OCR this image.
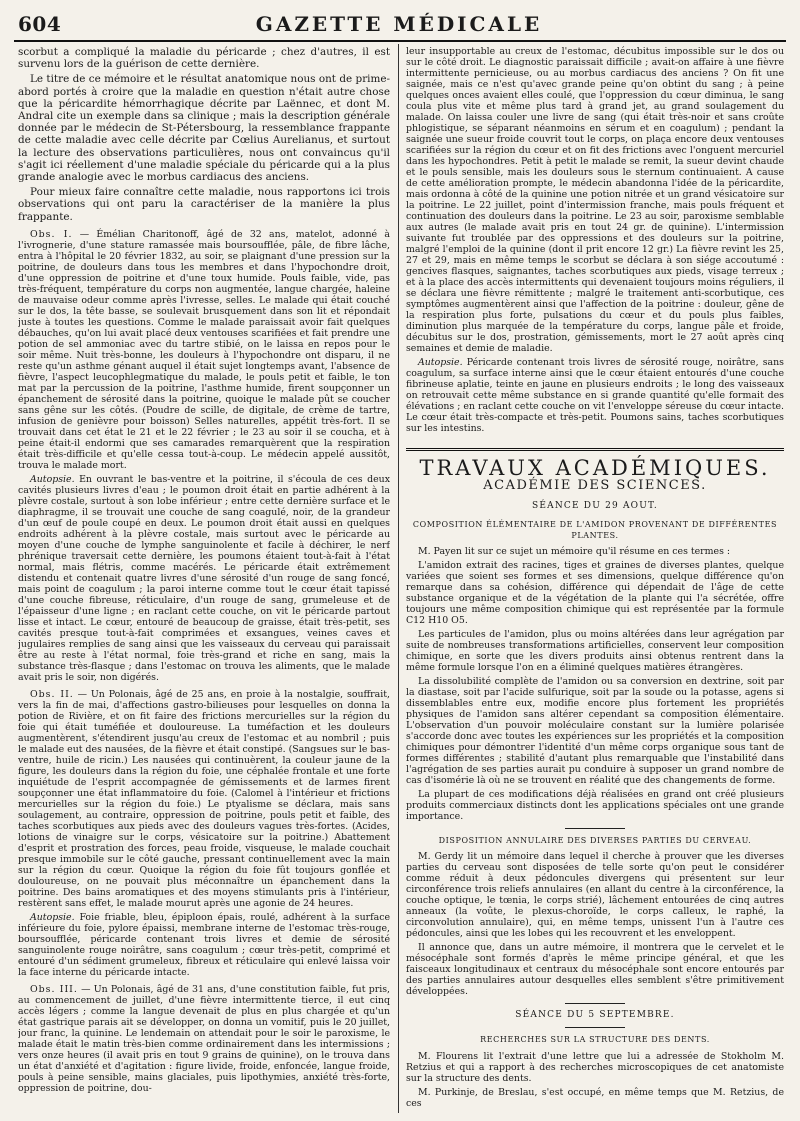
604	GAZETTE MÉDICALE

scorbut a compliqué la maladie du péricarde ; chez d'autres, il est survenu lors de la guérison de cette dernière.

Le titre de ce mémoire et le résultat anatomique nous ont de prime-abord portés à croire que la maladie en question n'était autre chose que la péricardite hémorrhagique décrite par Laënnec, et dont M. Andral cite un exemple dans sa clinique ; mais la description générale donnée par le médecin de St-Pétersbourg, la ressemblance frappante de cette maladie avec celle décrite par Cœlius Aurelianus, et surtout la lecture des observations particulières, nous ont convaincus qu'il s'agit ici réellement d'une maladie spéciale du péricarde qui a la plus grande analogie avec le morbus cardiacus des anciens.

Pour mieux faire connaître cette maladie, nous rapportons ici trois observations qui ont paru la caractériser de la manière la plus frappante.

Obs. I. — Émélian Charitonoff, âgé de 32 ans, matelot, adonné à l'ivrognerie, d'une stature ramassée mais boursoufflée, pâle, de fibre lâche, entra à l'hôpital le 20 février 1832, au soir, se plaignant d'une pression sur la poitrine, de douleurs dans tous les membres et dans l'hypochondre droit, d'une oppression de poitrine et d'une toux humide. Pouls faible, vide, pas très-fréquent, température du corps non augmentée, langue chargée, haleine de mauvaise odeur comme après l'ivresse, selles. Le malade qui était couché sur le dos, la tête basse, se soulevait brusquement dans son lit et répondait juste à toutes les questions. Comme le malade paraissait avoir fait quelques débauches, qu'on lui avait placé deux ventouses scarifiées et fait prendre une potion de sel ammoniac avec du tartre stibié, on le laissa en repos pour le soir même. Nuit très-bonne, les douleurs à l'hypochondre ont disparu, il ne reste qu'un asthme génant auquel il était sujet longtemps avant, l'absence de fièvre, l'aspect leucophlegmatique du malade, le pouls petit et faible, le ton mat par la percussion de la poitrine, l'asthme humide, firent soupçonner un épanchement de sérosité dans la poitrine, quoique le malade pût se coucher sans gêne sur les côtés. (Poudre de scille, de digitale, de crème de tartre, infusion de genièvre pour boisson) Selles naturelles, appétit très-fort. Il se trouvait dans cet état le 21 et le 22 février ; le 23 au soir il se coucha, et à peine était-il endormi que ses camarades remarquèrent que la respiration était très-difficile et qu'elle cessa tout-à-coup. Le médecin appelé aussitôt, trouva le malade mort.

Autopsie. En ouvrant le bas-ventre et la poitrine, il s'écoula de ces deux cavités plusieurs livres d'eau ; le poumon droit était en partie adhérent à la plèvre costale, surtout à son lobe inférieur ; entre cette dernière surface et le diaphragme, il se trouvait une couche de sang coagulé, noir, de la grandeur d'un œuf de poule coupé en deux. Le poumon droit était aussi en quelques endroits adhérent à la plèvre costale, mais surtout avec le péricarde au moyen d'une couche de lymphe sanguinolente et facile à déchirer, le nerf phrénique traversait cette dernière, les poumons étaient tout-à-fait à l'état normal, mais flétris, comme macérés. Le péricarde était extrêmement distendu et contenait quatre livres d'une sérosité d'un rouge de sang foncé, mais point de coagulum ; la paroi interne comme tout le cœur était tapissé d'une couche fibreuse, réticulaire, d'un rouge de sang, grumeleuse et de l'épaisseur d'une ligne ; en raclant cette couche, on vit le péricarde partout lisse et intact. Le cœur, entouré de beaucoup de graisse, était très-petit, ses cavités presque tout-à-fait comprimées et exsangues, veines caves et jugulaires remplies de sang ainsi que les vaisseaux du cerveau qui paraissait être au reste à l'état normal, foie très-grand et riche en sang, mais la substance très-flasque ; dans l'estomac on trouva les aliments, que le malade avait pris le soir, non digérés.

Obs. II. — Un Polonais, âgé de 25 ans, en proie à la nostalgie, souffrait, vers la fin de mai, d'affections gastro-bilieuses pour lesquelles on donna la potion de Rivière, et on fit faire des frictions mercurielles sur la région du foie qui était tuméfiée et douloureuse. La tuméfaction et les douleurs augmentèrent, s'étendirent jusqu'au creux de l'estomac et au nombril ; puis le malade eut des nausées, de la fièvre et était constipé. (Sangsues sur le bas-ventre, huile de ricin.) Les nausées qui continuèrent, la couleur jaune de la figure, les douleurs dans la région du foie, une céphalée frontale et une forte inquiétude de l'esprit accompagnée de gémissements et de larmes firent soupçonner une état inflammatoire du foie. (Calomel à l'intérieur et frictions mercurielles sur la région du foie.) Le ptyalisme se déclara, mais sans soulagement, au contraire, oppression de poitrine, pouls petit et faible, des taches scorbutiques aux pieds avec des douleurs vagues très-fortes. (Acides, lotions de vinaigre sur le corps, vésicatoire sur la poitrine.) Abattement d'esprit et prostration des forces, peau froide, visqueuse, le malade couchait presque immobile sur le côté gauche, pressant continuellement avec la main sur la région du cœur. Quoique la région du foie fût toujours gonflée et douloureuse, on ne pouvait plus méconnaître un épanchement dans la poitrine. Des bains aromatiques et des moyens stimulants pris à l'intérieur, restèrent sans effet, le malade mourut après une agonie de 24 heures.

Autopsie. Foie friable, bleu, épiploon épais, roulé, adhérent à la surface inférieure du foie, pylore épaissi, membrane interne de l'estomac très-rouge, boursoufflée, péricarde contenant trois livres et demie de sérosité sanguinolente rouge noirâtre, sans coagulum ; cœur très-petit, comprimé et entouré d'un sédiment grumeleux, fibreux et réticulaire qui enlevé laissa voir la face interne du péricarde intacte.

Obs. III. — Un Polonais, âgé de 31 ans, d'une constitution faible, fut pris, au commencement de juillet, d'une fièvre intermittente tierce, il eut cinq accès légers ; comme la langue devenait de plus en plus chargée et qu'un état gastrique parais ait se développer, on donna un vomitif, puis le 20 juillet, jour franc, la quinine. Le lendemain on attendait pour le soir le paroxisme, le malade était le matin très-bien comme ordinairement dans les intermissions ; vers onze heures (il avait pris en tout 9 grains de quinine), on le trouva dans un état d'anxiété et d'agitation : figure livide, froide, enfoncée, langue froide, pouls à peine sensible, mains glaciales, puis lipothymies, anxiété très-forte, oppression de poitrine, dou-

leur insupportable au creux de l'estomac, décubitus impossible sur le dos ou sur le côté droit. Le diagnostic paraissait difficile ; avait-on affaire à une fièvre intermittente pernicieuse, ou au morbus cardiacus des anciens ? On fit une saignée, mais ce n'est qu'avec grande peine qu'on obtint du sang ; à peine quelques onces avaient elles coulé, que l'oppression du cœur diminua, le sang coula plus vite et même plus tard à grand jet, au grand soulagement du malade. On laissa couler une livre de sang (qui était très-noir et sans croûte phlogistique, se séparant néanmoins en sérum et en coagulum) ; pendant la saignée une sueur froide couvrit tout le corps, on plaça encore deux ventouses scarifiées sur la région du cœur et on fit des frictions avec l'onguent mercuriel dans les hypochondres. Petit à petit le malade se remit, la sueur devint chaude et le pouls sensible, mais les douleurs sous le sternum continuaient. A cause de cette amélioration prompte, le médecin abandonna l'idée de la péricardite, mais ordonna à côté de la quinine une potion nitrée et un grand vésicatoire sur la poitrine. Le 22 juillet, point d'intermission franche, mais pouls fréquent et continuation des douleurs dans la poitrine. Le 23 au soir, paroxisme semblable aux autres (le malade avait pris en tout 24 gr. de quinine). L'intermission suivante fut troublée par des oppressions et des douleurs sur la poitrine, malgré l'emploi de la quinine (dont il prit encore 12 gr.) La fièvre revint les 25, 27 et 29, mais en même temps le scorbut se déclara à son siége accoutumé : gencives flasques, saignantes, taches scorbutiques aux pieds, visage terreux ; et à la place des accès intermittents qui devenaient toujours moins réguliers, il se déclara une fièvre rémittente ; malgré le traitement anti-scorbutique, ces symptômes augmentèrent ainsi que l'affection de la poitrine : douleur, gêne de la respiration plus forte, pulsations du cœur et du pouls plus faibles, diminution plus marquée de la température du corps, langue pâle et froide, décubitus sur le dos, prostration, gémissements, mort le 27 août après cinq semaines et demie de maladie.

Autopsie. Péricarde contenant trois livres de sérosité rouge, noirâtre, sans coagulum, sa surface interne ainsi que le cœur étaient entourés d'une couche fibrineuse aplatie, teinte en jaune en plusieurs endroits ; le long des vaisseaux on retrouvait cette même substance en si grande quantité qu'elle formait des élévations ; en raclant cette couche on vit l'enveloppe séreuse du cœur intacte. Le cœur était très-compacte et très-petit. Poumons sains, taches scorbutiques sur les intestins.

TRAVAUX ACADÉMIQUES.
ACADÉMIE DES SCIENCES.
SÉANCE DU 29 AOUT.
COMPOSITION ÉLÉMENTAIRE DE L'AMIDON PROVENANT DE DIFFÉRENTES PLANTES.

M. Payen lit sur ce sujet un mémoire qu'il résume en ces termes :

L'amidon extrait des racines, tiges et graines de diverses plantes, quelque variées que soient ses formes et ses dimensions, quelque différence qu'on remarque dans sa cohésion, différence qui dépendait de l'âge de cette substance organique et de la végétation de la plante qui l'a sécrétée, offre toujours une même composition chimique qui est représentée par la formule C12 H10 O5.

Les particules de l'amidon, plus ou moins altérées dans leur agrégation par suite de nombreuses transformations artificielles, conservent leur composition chimique, en sorte que les divers produits ainsi obtenus rentrent dans la même formule lorsque l'on en a éliminé quelques matières étrangères.

La dissolubilité complète de l'amidon ou sa conversion en dextrine, soit par la diastase, soit par l'acide sulfurique, soit par la soude ou la potasse, agens si dissemblables entre eux, modifie encore plus fortement les propriétés physiques de l'amidon sans altérer cependant sa composition élémentaire. L'observation d'un pouvoir moléculaire constant sur la lumière polarisée s'accorde donc avec toutes les expériences sur les propriétés et la composition chimiques pour démontrer l'identité d'un même corps organique sous tant de formes différentes ; stabilité d'autant plus remarquable que l'instabilité dans l'agrégation de ses parties aurait pu conduire à supposer un grand nombre de cas d'isomérie là où ne se trouvent en réalité que des changements de forme.

La plupart de ces modifications déjà réalisées en grand ont créé plusieurs produits commerciaux distincts dont les applications spéciales ont une grande importance.

DISPOSITION ANNULAIRE DES DIVERSES PARTIES DU CERVEAU.

M. Gerdy lit un mémoire dans lequel il cherche à prouver que les diverses parties du cerveau sont disposées de telle sorte qu'on peut le considérer comme réduit à deux pédoncules divergens qui présentent sur leur circonférence trois reliefs annulaires (en allant du centre à la circonférence, la couche optique, le tœnia, le corps strié), lâchement entourées de cinq autres anneaux (la voûte, le plexus-choroïde, le corps calleux, le raphé, la circonvolution annulaire), qui, en même temps, unissent l'un à l'autre ces pédoncules, ainsi que les lobes qui les recouvrent et les enveloppent.

Il annonce que, dans un autre mémoire, il montrera que le cervelet et le mésocéphale sont formés d'après le même principe général, et que les faisceaux longitudinaux et centraux du mésocéphale sont encore entourés par des parties annulaires autour desquelles elles semblent s'être primitivement développées.

SÉANCE DU 5 SEPTEMBRE.
RECHERCHES SUR LA STRUCTURE DES DENTS.

M. Flourens lit l'extrait d'une lettre que lui a adressée de Stokholm M. Retzius et qui a rapport à des recherches microscopiques de cet anatomiste sur la structure des dents.

M. Purkinje, de Breslau, s'est occupé, en même temps que M. Retzius, de ces
